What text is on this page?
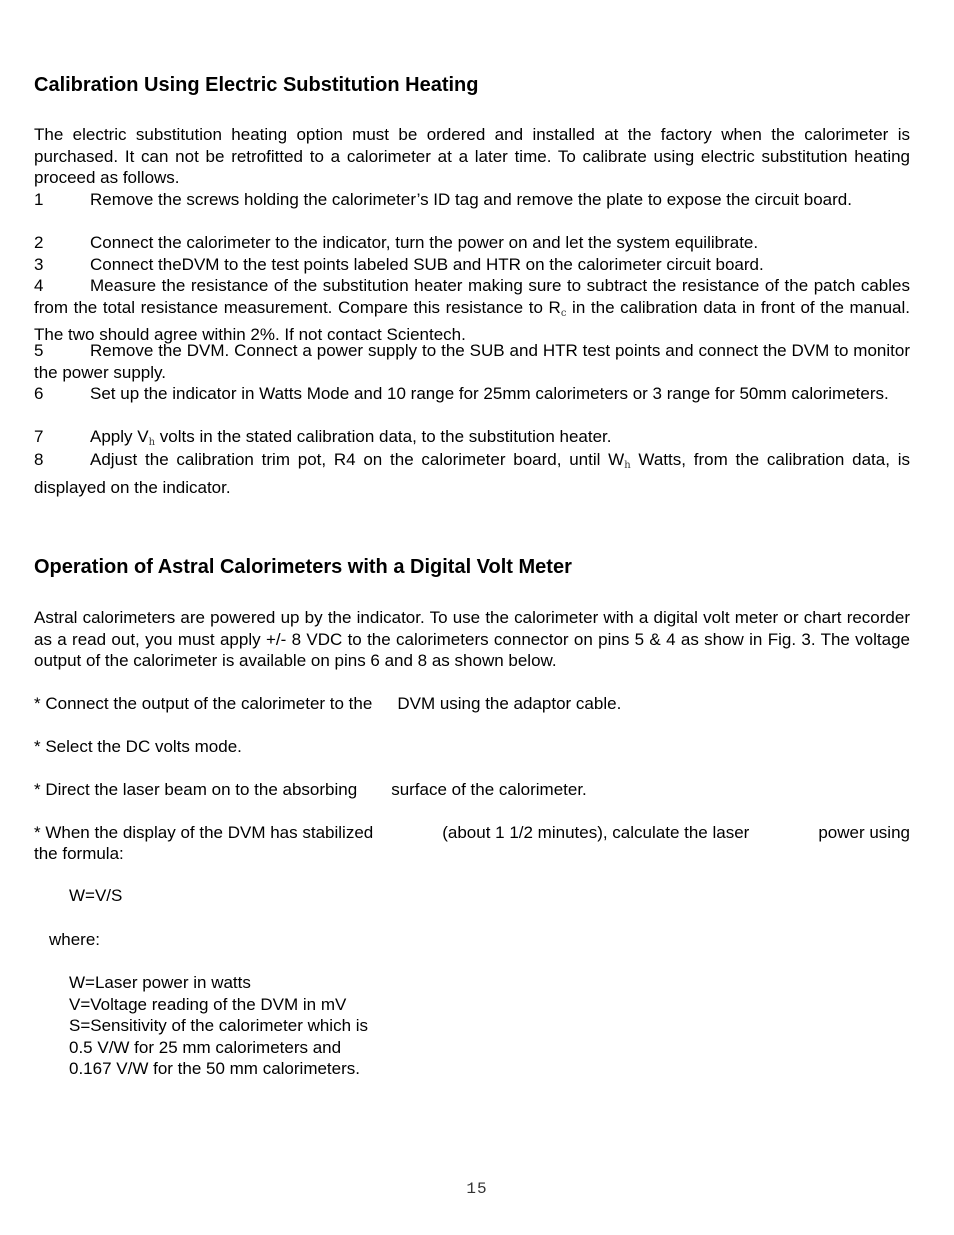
Calibration Using Electric Substitution Heating
The electric substitution heating option must be ordered and installed at the factory when the calorimeter is purchased. It can not be retrofitted to a calorimeter at a later time. To calibrate using electric substitution heating proceed as follows.
1	Remove the screws holding the calorimeter’s ID tag and remove the plate to expose the circuit board.
2	Connect the calorimeter to the indicator, turn the power on and let the system equilibrate.
3	Connect theDVM to the test points labeled SUB and HTR on the calorimeter circuit board.
4	Measure the resistance of the substitution heater making sure to subtract the resistance of the patch cables from the total resistance measurement. Compare this resistance to $R_c$ in the calibration data in front of the manual. The two should agree within 2%. If not contact Scientech.
5	Remove the DVM. Connect a power supply to the SUB and HTR test points and connect the DVM to monitor the power supply.
6	Set up the indicator in Watts Mode and 10 range for 25mm calorimeters or 3 range for 50mm calorimeters.
7	Apply $V_h$ volts in the stated calibration data, to the substitution heater.
8	Adjust the calibration trim pot, R4 on the calorimeter board, until $W_h$ Watts, from the calibration data, is displayed on the indicator.
Operation of Astral Calorimeters with a Digital Volt Meter
Astral calorimeters are powered up by the indicator. To use the calorimeter with a digital volt meter or chart recorder as a read out, you must apply +/- 8 VDC to the calorimeters connector on pins 5 & 4 as show in Fig. 3. The voltage output of the calorimeter is available on pins 6 and 8 as shown below.
* Connect the output of the calorimeter to the DVM using the adaptor cable.
* Select the DC volts mode.
* Direct the laser beam on to the absorbing surface of the calorimeter.
* When the display of the DVM has stabilized	(about 1 1/2 minutes), calculate the laser	power using
the formula:
W=V/S
where:
W=Laser power in watts
V=Voltage reading of the DVM in mV
S=Sensitivity of the calorimeter which is
0.5 V/W for 25 mm calorimeters and
0.167 V/W for the 50 mm calorimeters.
15
